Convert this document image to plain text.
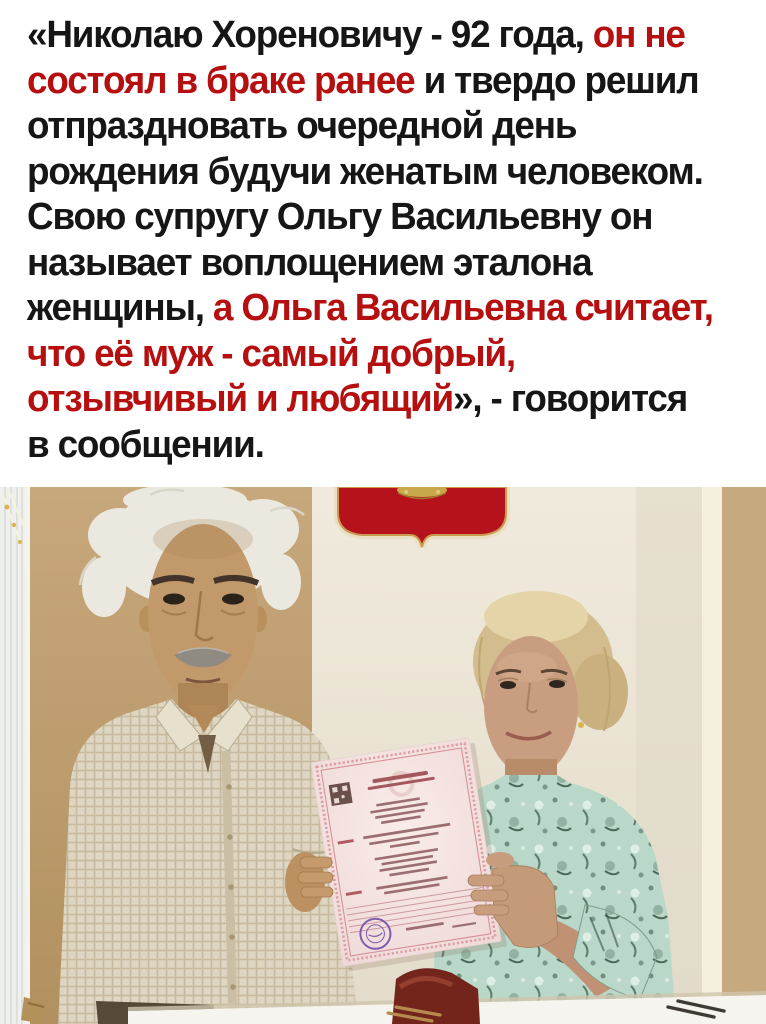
«Николаю Хореновичу - 92 года, он не
состоял в браке ранее и твердо решил
отпраздновать очередной день
рождения будучи женатым человеком.
Свою супругу Ольгу Васильевну он
называет воплощением эталона
женщины, а Ольга Васильевна считает,
что её муж - самый добрый,
отзывчивый и любящий», - говорится
в сообщении.
